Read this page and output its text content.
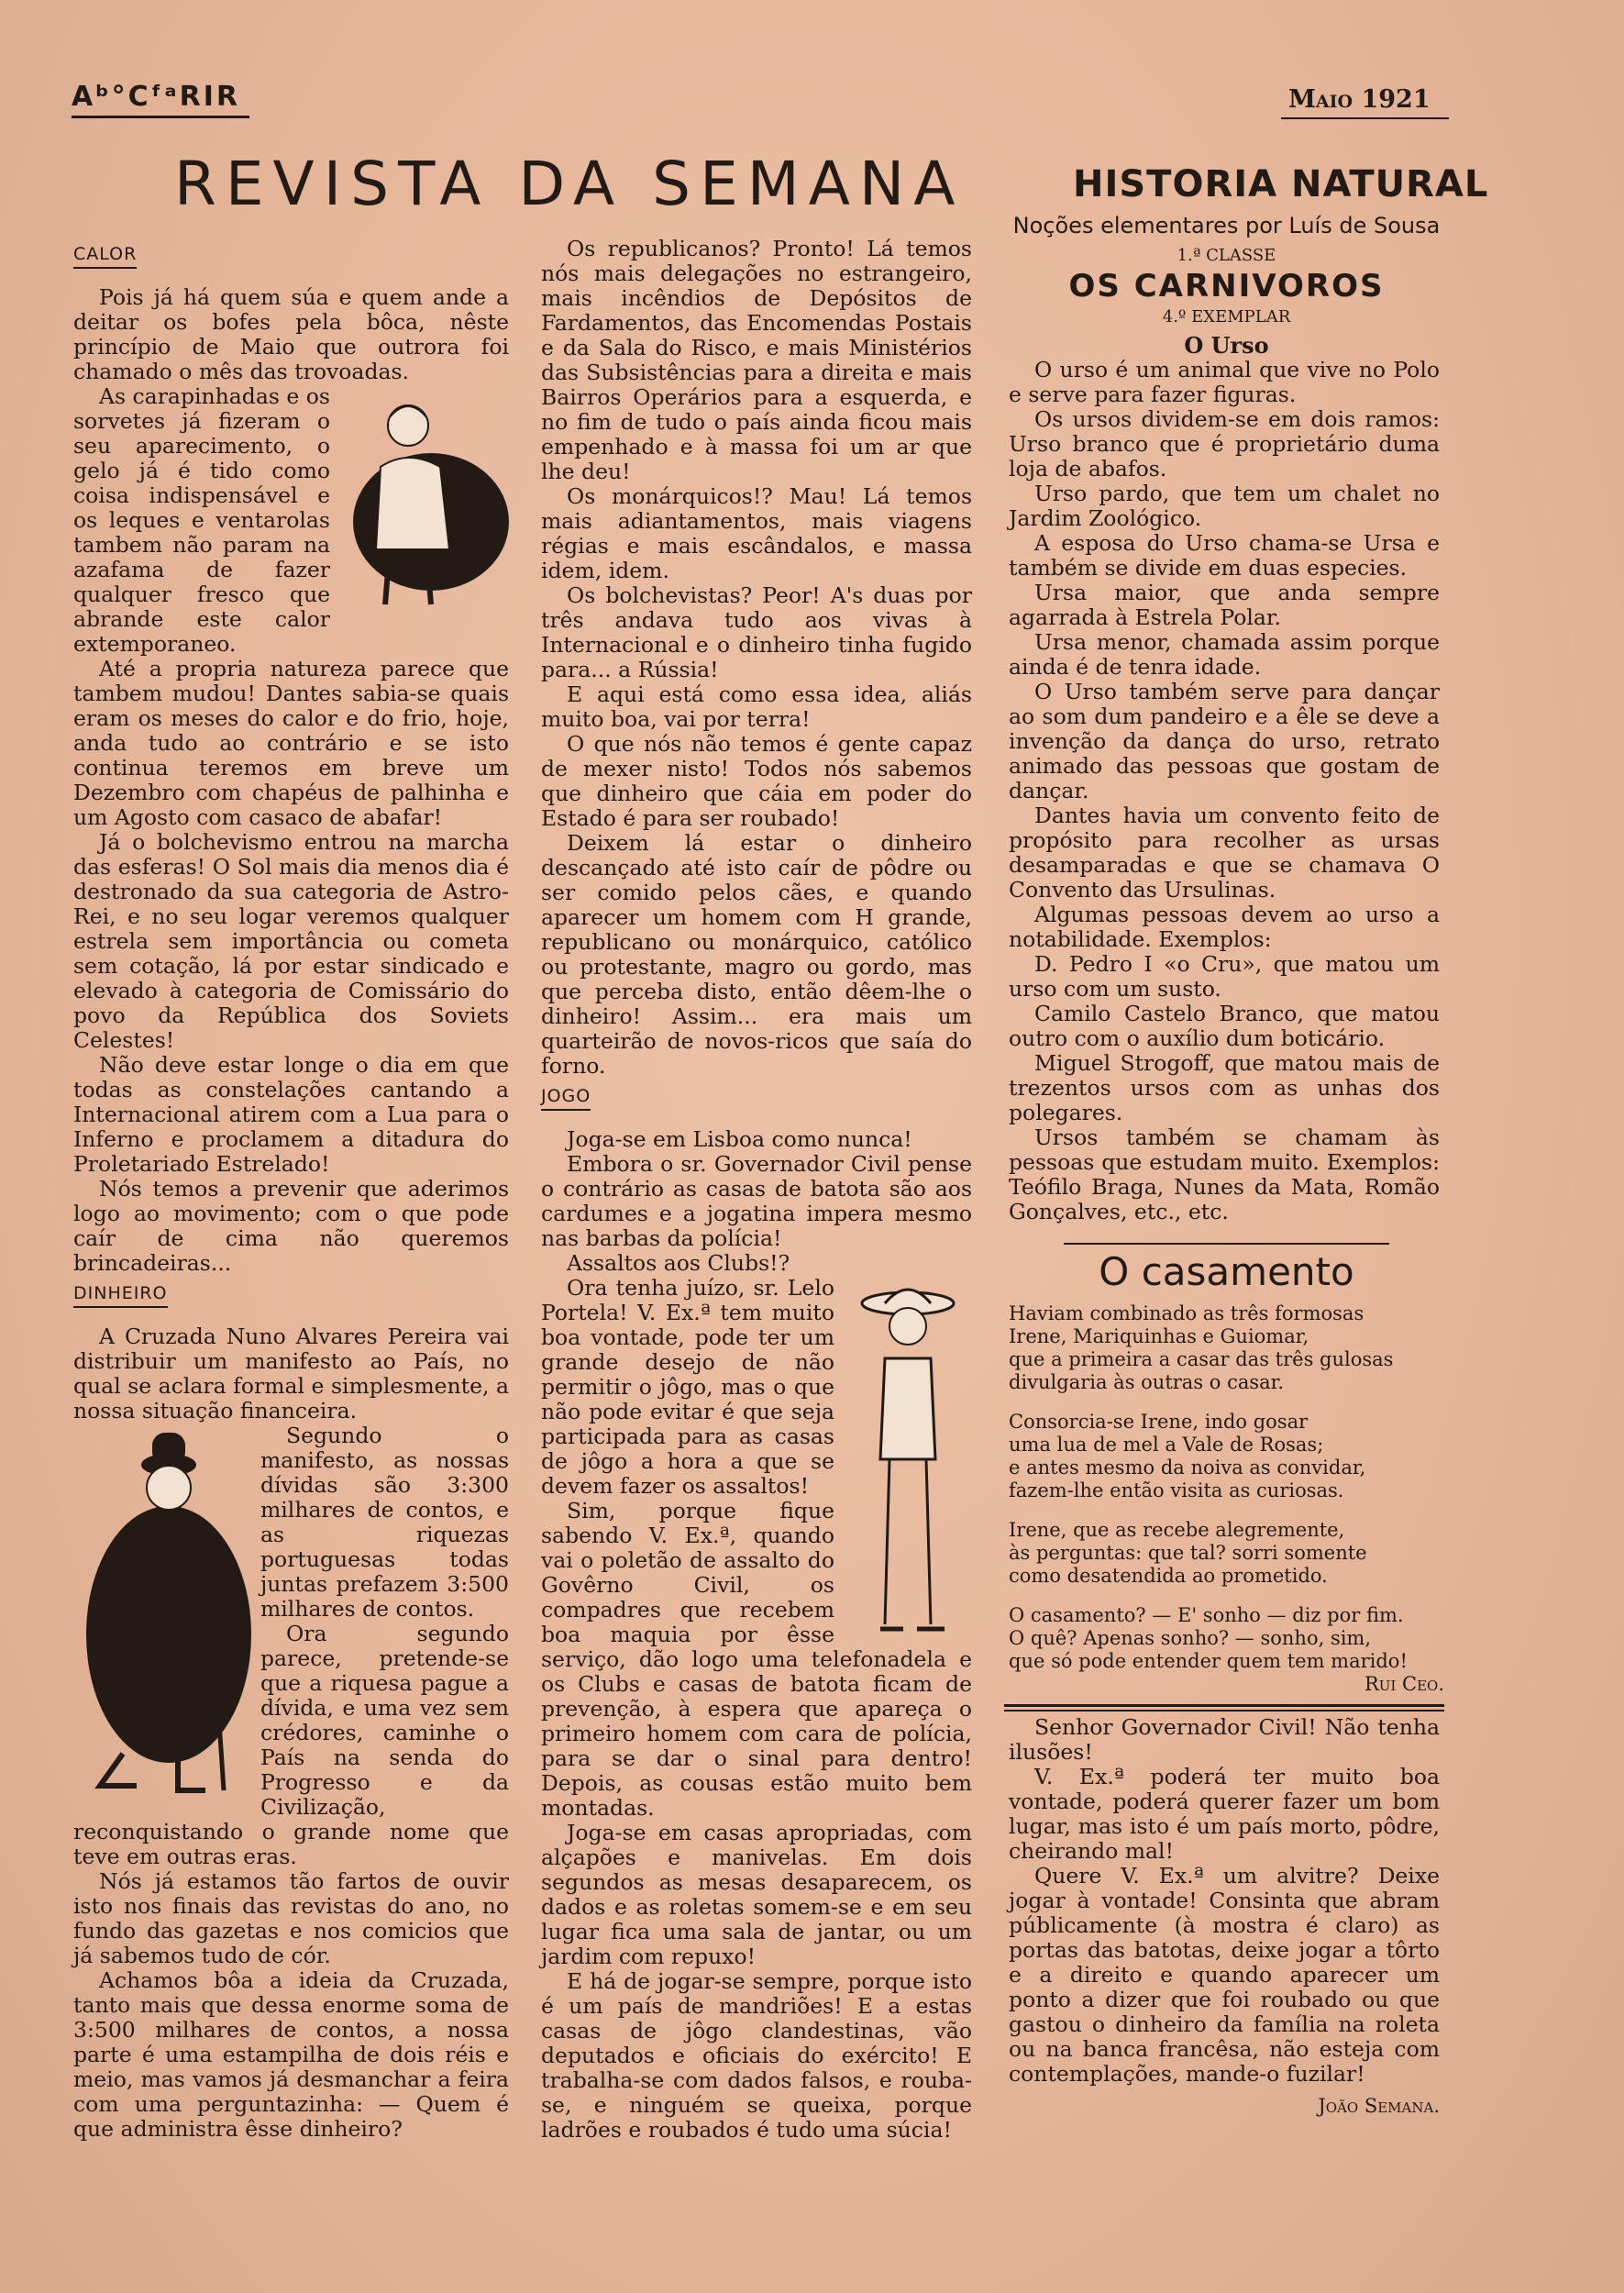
Aᵇ°CᶠᵃRIR	Maio 1921
REVISTA DA SEMANA
CALOR

Pois já há quem súa e quem ande a deitar os bofes pela bôca, nêste princípio de Maio que outrora foi chamado o mês das trovoadas.

As carapinhadas e os sorvetes já fizeram o seu aparecimento, o gelo já é tido como coisa indispensável e os leques e ventarolas tambem não param na azafama de fazer qualquer fresco que abrande este calor extemporaneo.

Até a propria natureza parece que tambem mudou! Dantes sabia-se quais eram os meses do calor e do frio, hoje, anda tudo ao contrário e se isto continua teremos em breve um Dezembro com chapéus de palhinha e um Agosto com casaco de abafar!

Já o bolchevismo entrou na marcha das esferas! O Sol mais dia menos dia é destronado da sua categoria de Astro-Rei, e no seu logar veremos qualquer estrela sem importância ou cometa sem cotação, lá por estar sindicado e elevado à categoria de Comissário do povo da República dos Soviets Celestes!

Não deve estar longe o dia em que todas as constelações cantando a Internacional atirem com a Lua para o Inferno e proclamem a ditadura do Proletariado Estrelado!

Nós temos a prevenir que aderimos logo ao movimento; com o que pode caír de cima não queremos brincadeiras...

DINHEIRO

A Cruzada Nuno Alvares Pereira vai distribuir um manifesto ao País, no qual se aclara formal e simplesmente, a nossa situação financeira.

Segundo o manifesto, as nossas dívidas são 3:300 milhares de contos, e as riquezas portuguesas todas juntas prefazem 3:500 milhares de contos.

Ora segundo parece, pretende-se que a riquesa pague a dívida, e uma vez sem crédores, caminhe o País na senda do Progresso e da Civilização, reconquistando o grande nome que teve em outras eras.

Nós já estamos tão fartos de ouvir isto nos finais das revistas do ano, no fundo das gazetas e nos comicios que já sabemos tudo de cór.

Achamos bôa a ideia da Cruzada, tanto mais que dessa enorme soma de 3:500 milhares de contos, a nossa parte é uma estampilha de dois réis e meio, mas vamos já desmanchar a feira com uma perguntazinha: — Quem é que administra êsse dinheiro?

Os republicanos? Pronto! Lá temos nós mais delegações no estrangeiro, mais incêndios de Depósitos de Fardamentos, das Encomendas Postais e da Sala do Risco, e mais Ministérios das Subsistências para a direita e mais Bairros Operários para a esquerda, e no fim de tudo o país ainda ficou mais empenhado e à massa foi um ar que lhe deu!

Os monárquicos!? Mau! Lá temos mais adiantamentos, mais viagens régias e mais escândalos, e massa idem, idem.

Os bolchevistas? Peor! A's duas por três andava tudo aos vivas à Internacional e o dinheiro tinha fugido para... a Rússia!

E aqui está como essa idea, aliás muito boa, vai por terra!

O que nós não temos é gente capaz de mexer nisto! Todos nós sabemos que dinheiro que cáia em poder do Estado é para ser roubado!

Deixem lá estar o dinheiro descançado até isto caír de pôdre ou ser comido pelos cães, e quando aparecer um homem com H grande, republicano ou monárquico, católico ou protestante, magro ou gordo, mas que perceba disto, então dêem-lhe o dinheiro! Assim... era mais um quarteirão de novos-ricos que saía do forno.

JOGO

Joga-se em Lisboa como nunca!

Embora o sr. Governador Civil pense o contrário as casas de batota são aos cardumes e a jogatina impera mesmo nas barbas da polícia!

Assaltos aos Clubs!?

Ora tenha juízo, sr. Lelo Portela! V. Ex.ª tem muito boa vontade, pode ter um grande desejo de não permitir o jôgo, mas o que não pode evitar é que seja participada para as casas de jôgo a hora a que se devem fazer os assaltos!

Sim, porque fique sabendo V. Ex.ª, quando vai o poletão de assalto do Govêrno Civil, os compadres que recebem boa maquia por êsse serviço, dão logo uma telefonadela e os Clubs e casas de batota ficam de prevenção, à espera que apareça o primeiro homem com cara de polícia, para se dar o sinal para dentro! Depois, as cousas estão muito bem montadas.

Joga-se em casas apropriadas, com alçapões e manivelas. Em dois segundos as mesas desaparecem, os dados e as roletas somem-se e em seu lugar fica uma sala de jantar, ou um jardim com repuxo!

E há de jogar-se sempre, porque isto é um país de mandriões! E a estas casas de jôgo clandestinas, vão deputados e oficiais do exército! E trabalha-se com dados falsos, e rouba-se, e ninguém se queixa, porque ladrões e roubados é tudo uma súcia!

HISTORIA NATURAL
Noções elementares por Luís de Sousa
1.ª CLASSE
OS CARNIVOROS
4.º EXEMPLAR
O Urso

O urso é um animal que vive no Polo e serve para fazer figuras.

Os ursos dividem-se em dois ramos: Urso branco que é proprietário duma loja de abafos.

Urso pardo, que tem um chalet no Jardim Zoológico.

A esposa do Urso chama-se Ursa e também se divide em duas especies.

Ursa maior, que anda sempre agarrada à Estrela Polar.

Ursa menor, chamada assim porque ainda é de tenra idade.

O Urso também serve para dançar ao som dum pandeiro e a êle se deve a invenção da dança do urso, retrato animado das pessoas que gostam de dançar.

Dantes havia um convento feito de propósito para recolher as ursas desamparadas e que se chamava O Convento das Ursulinas.

Algumas pessoas devem ao urso a notabilidade. Exemplos:

D. Pedro I «o Cru», que matou um urso com um susto.

Camilo Castelo Branco, que matou outro com o auxílio dum boticário.

Miguel Strogoff, que matou mais de trezentos ursos com as unhas dos polegares.

Ursos também se chamam às pessoas que estudam muito. Exemplos: Teófilo Braga, Nunes da Mata, Romão Gonçalves, etc., etc.

O casamento
Haviam combinado as três formosas
Irene, Mariquinhas e Guiomar,
que a primeira a casar das três gulosas
divulgaria às outras o casar.
Consorcia-se Irene, indo gosar
uma lua de mel a Vale de Rosas;
e antes mesmo da noiva as convidar,
fazem-lhe então visita as curiosas.
Irene, que as recebe alegremente,
às perguntas: que tal? sorri somente
como desatendida ao prometido.
O casamento? — E' sonho — diz por fim.
O quê? Apenas sonho? — sonho, sim,
que só pode entender quem tem marido!
Rui Ceo.

Senhor Governador Civil! Não tenha ilusões!

V. Ex.ª poderá ter muito boa vontade, poderá querer fazer um bom lugar, mas isto é um país morto, pôdre, cheirando mal!

Quere V. Ex.ª um alvitre? Deixe jogar à vontade! Consinta que abram públicamente (à mostra é claro) as portas das batotas, deixe jogar a tôrto e a direito e quando aparecer um ponto a dizer que foi roubado ou que gastou o dinheiro da família na roleta ou na banca francêsa, não esteja com contemplações, mande-o fuzilar!

João Semana.
